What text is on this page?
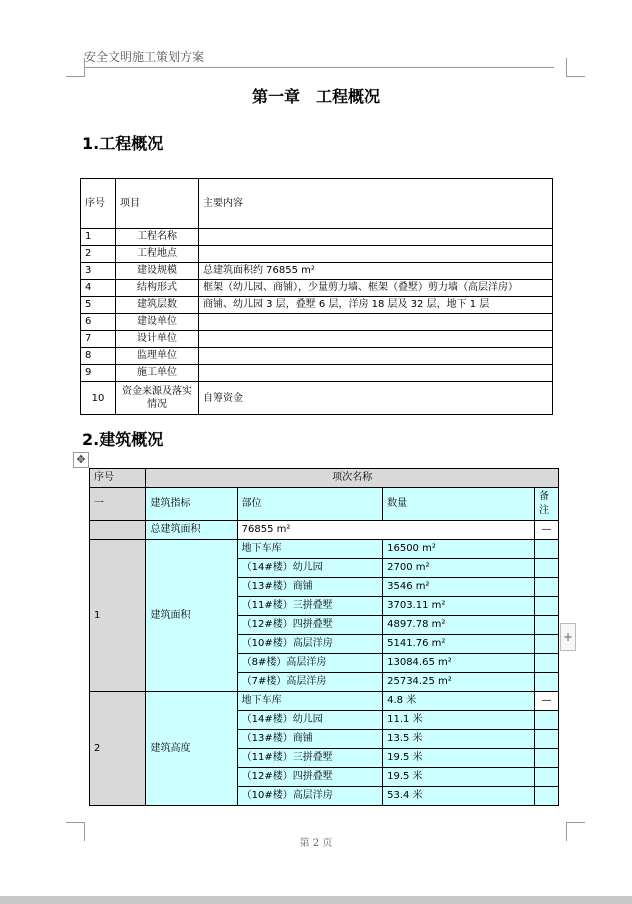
安全文明施工策划方案
第一章　工程概况
1.工程概况
序号	项目	主要内容
1	工程名称	
2	工程地点	
3	建设规模	总建筑面积约 76855 m²
4	结构形式	框架（幼儿园、商铺），少量剪力墙、框架（叠墅）剪力墙（高层洋房）
5	建筑层数	商铺、幼儿园 3 层，叠墅 6 层，洋房 18 层及 32 层，地下 1 层
6	建设单位	
7	设计单位	
8	监理单位	
9	施工单位	
10	资金来源及落实情况	自筹资金
2.建筑概况
✥
序号	项次名称			
一	建筑指标	部位	数量	备注
	总建筑面积	76855 m²		—
1	建筑面积	地下车库	16500 m²	
		（14#楼）幼儿园	2700 m²	
		（13#楼）商铺	3546 m²	
		（11#楼）三拼叠墅	3703.11 m²	
		（12#楼）四拼叠墅	4897.78 m²	
		（10#楼）高层洋房	5141.76 m²	
		（8#楼）高层洋房	13084.65 m²	
		（7#楼）高层洋房	25734.25 m²	
2	建筑高度	地下车库	4.8 米	—
		（14#楼）幼儿园	11.1 米	
		（13#楼）商铺	13.5 米	
		（11#楼）三拼叠墅	19.5 米	
		（12#楼）四拼叠墅	19.5 米	
		（10#楼）高层洋房	53.4 米	
+
第 2 页
